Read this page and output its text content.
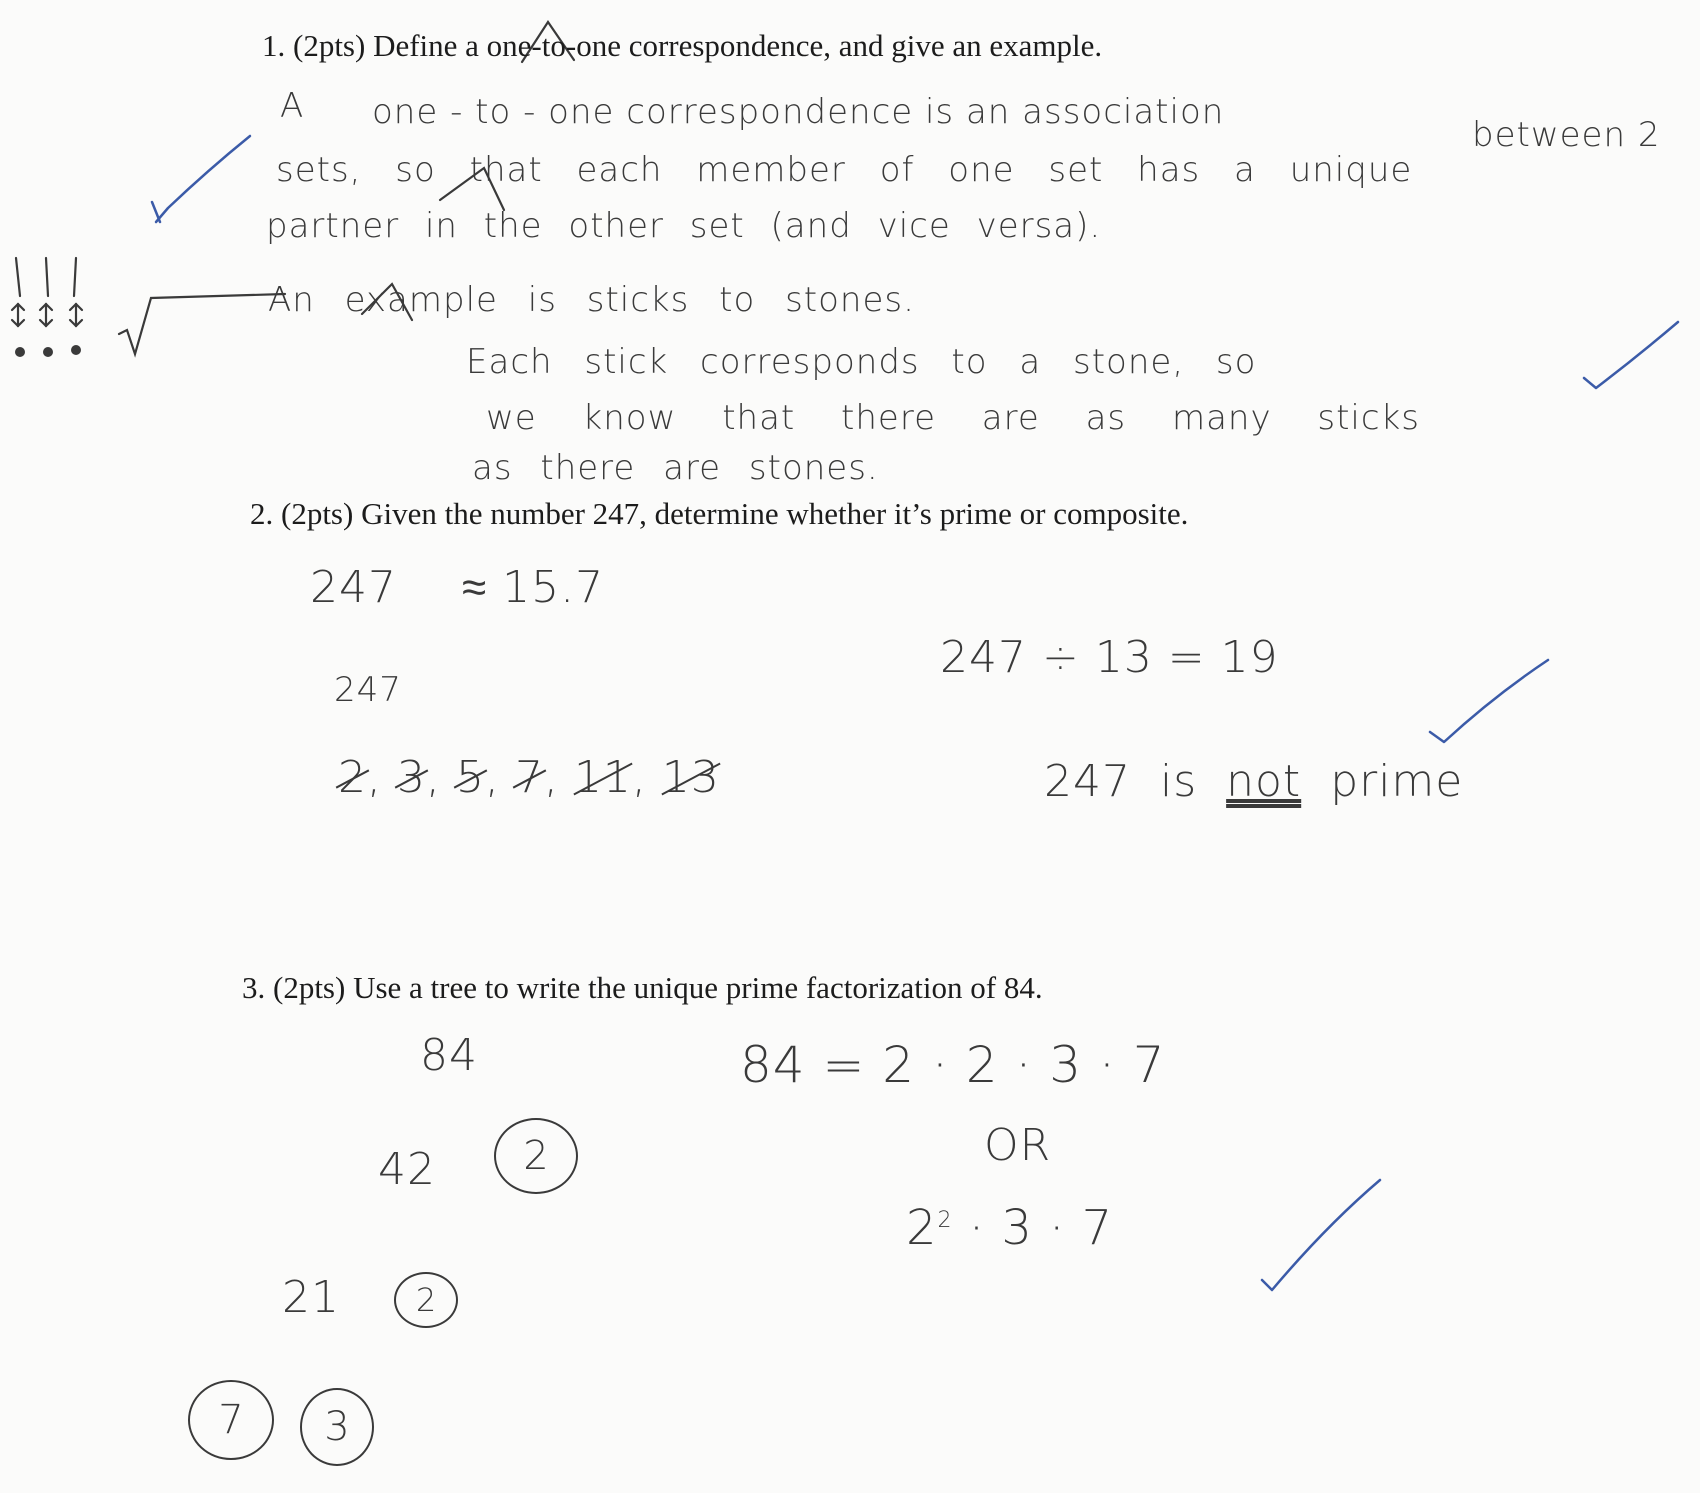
1. (2pts) Define a one-to-one correspondence, and give an example.
A one - to - one correspondence is an association
between 2
sets, so that each member of one set has a unique
partner in the other set (and vice versa).
An example is sticks to stones.

Each stick corresponds to a stone, so
we know that there are as many sticks
as there are stones.
2. (2pts) Given the number 247, determine whether it’s prime or composite.

247 ≈ 15.7
247
2, 3, 5, 7, 11, 13
247 ÷ 13 = 19
247 is not prime
3. (2pts) Use a tree to write the unique prime factorization of 84.
84
42	2
21	2
7	3
84 = 2 · 2 · 3 · 7
OR
$2^2 \cdot 3 \cdot 7$
